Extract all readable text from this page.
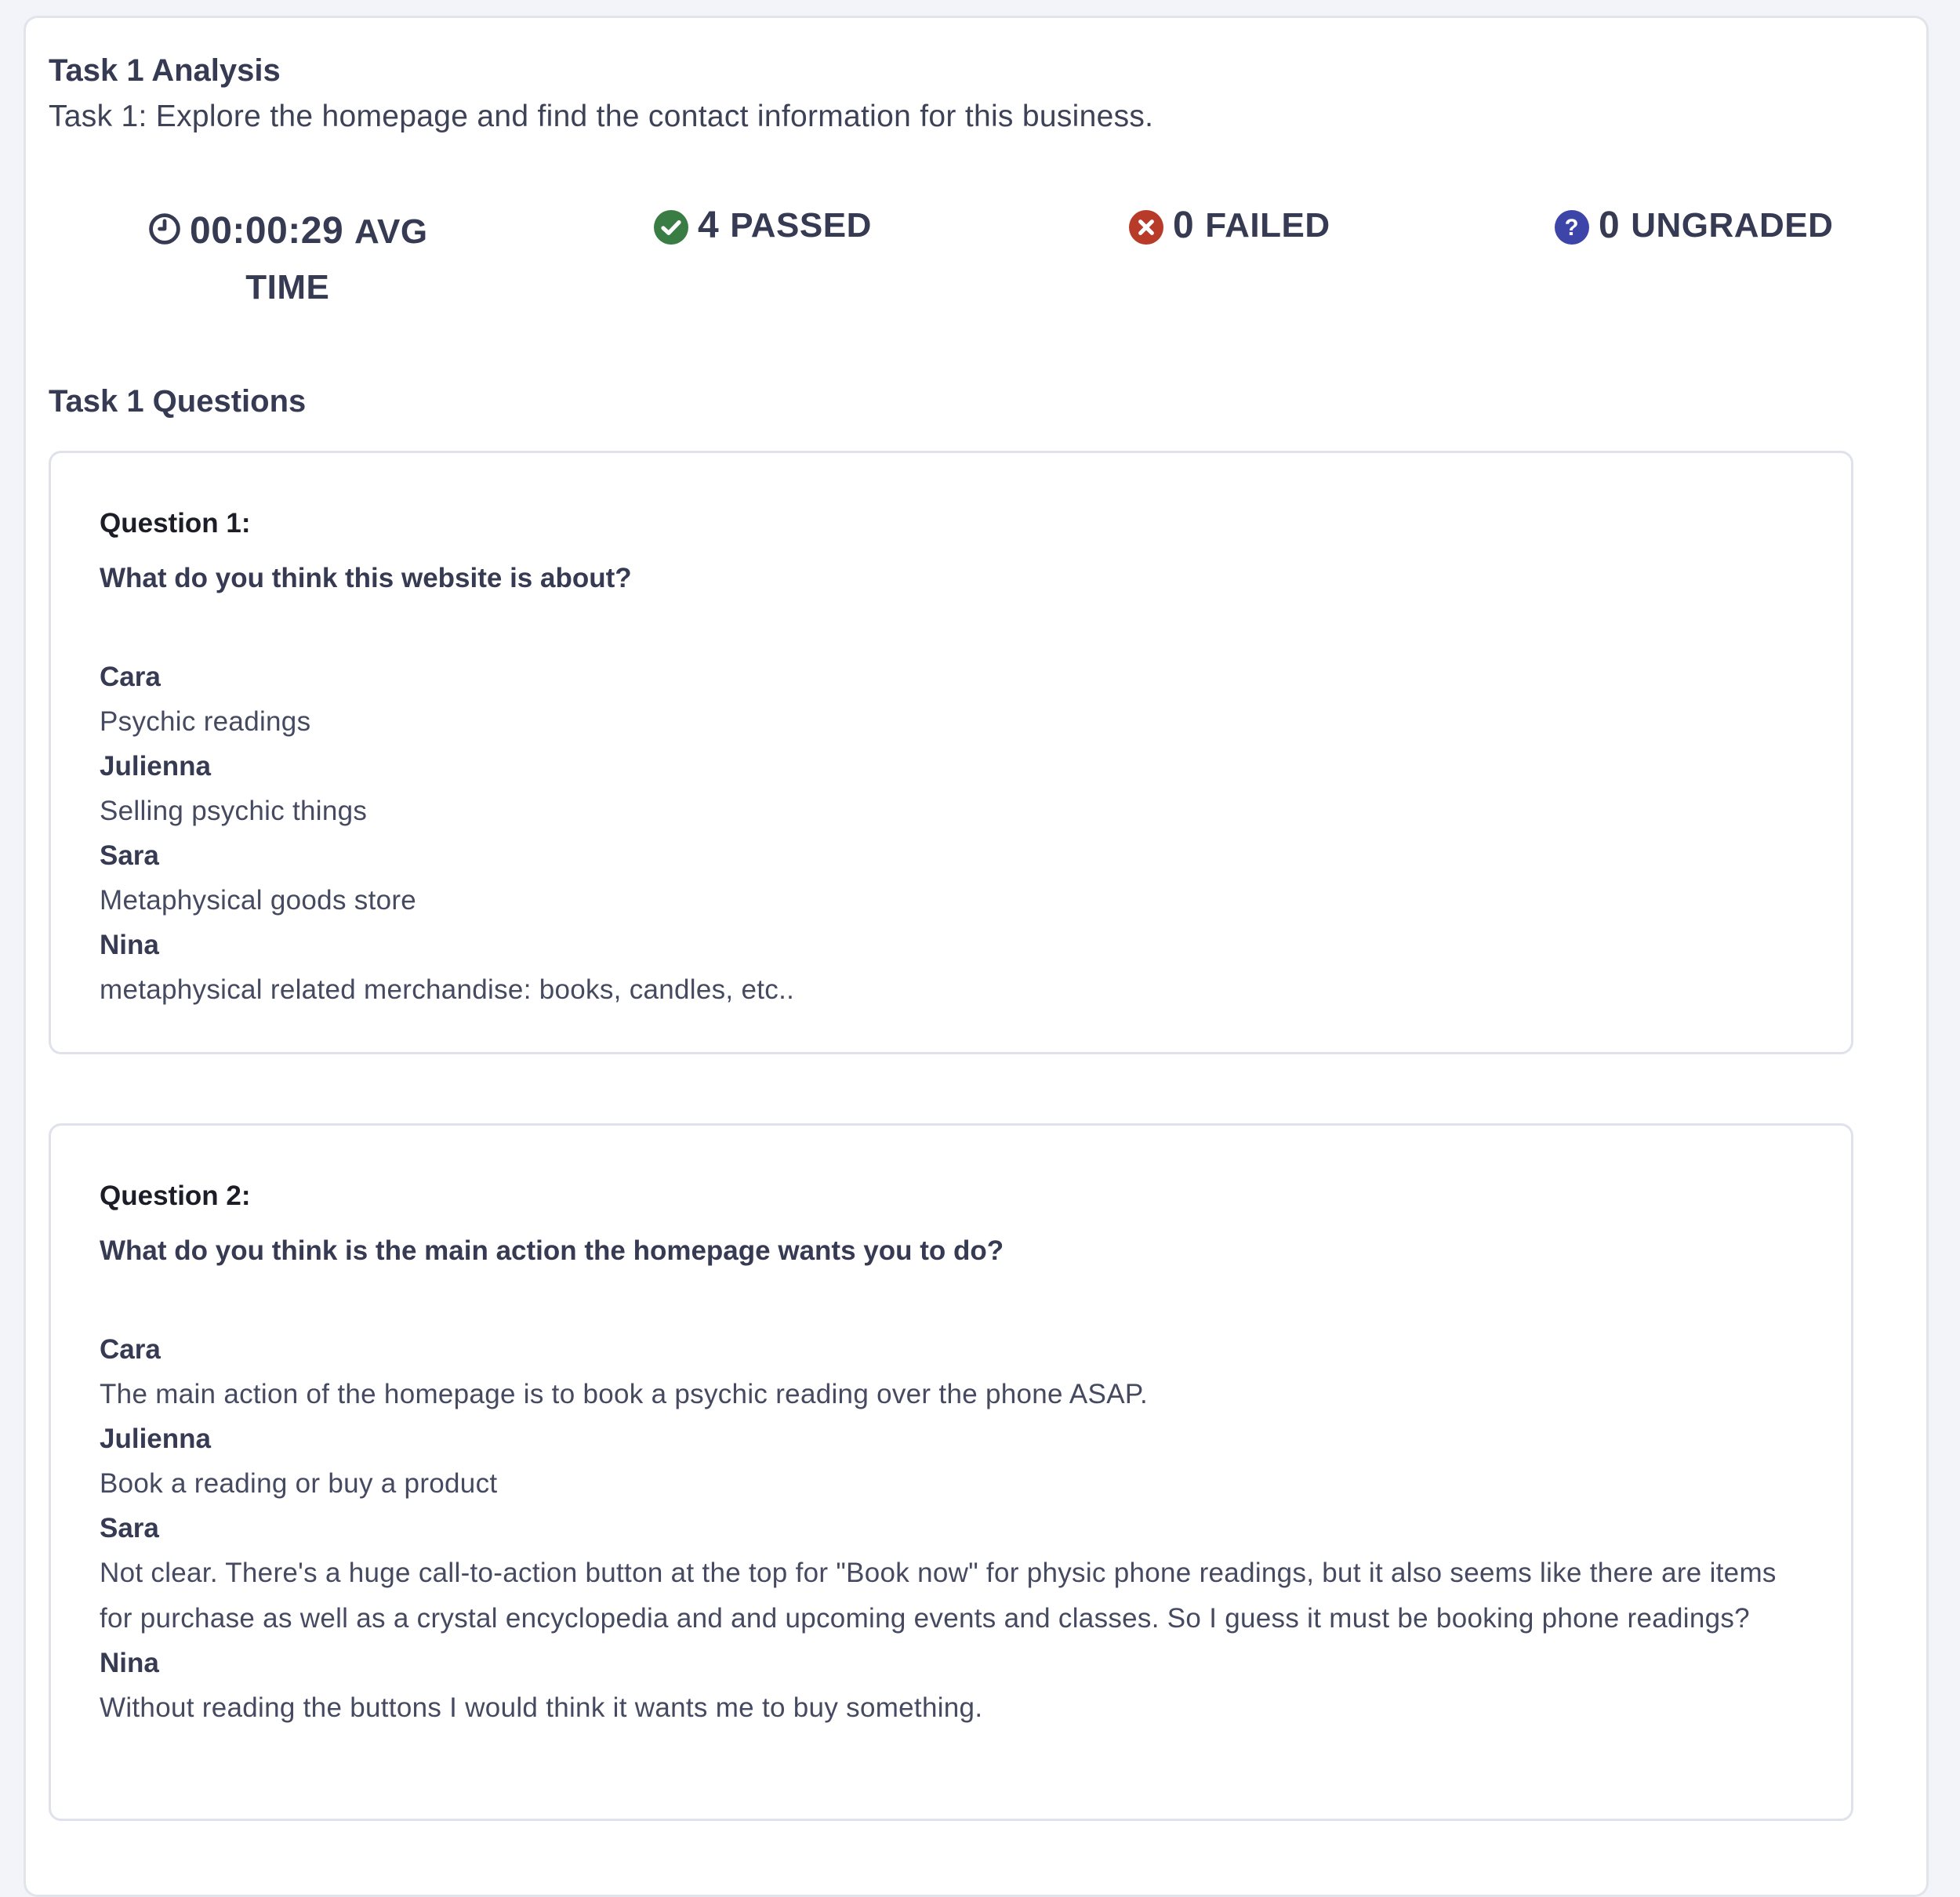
Task 1 Analysis
Task 1: Explore the homepage and find the contact information for this business.
00:00:29 AVG
TIME
4 PASSED	0 FAILED	? 0 UNGRADED
Task 1 Questions
Question 1:
What do you think this website is about?
Cara
Psychic readings
Julienna
Selling psychic things
Sara
Metaphysical goods store
Nina
metaphysical related merchandise: books, candles, etc..
Question 2:
What do you think is the main action the homepage wants you to do?
Cara
The main action of the homepage is to book a psychic reading over the phone ASAP.
Julienna
Book a reading or buy a product
Sara
Not clear. There's a huge call-to-action button at the top for "Book now" for physic phone readings, but it also seems like there are items for purchase as well as a crystal encyclopedia and and upcoming events and classes. So I guess it must be booking phone readings?
Nina
Without reading the buttons I would think it wants me to buy something.
